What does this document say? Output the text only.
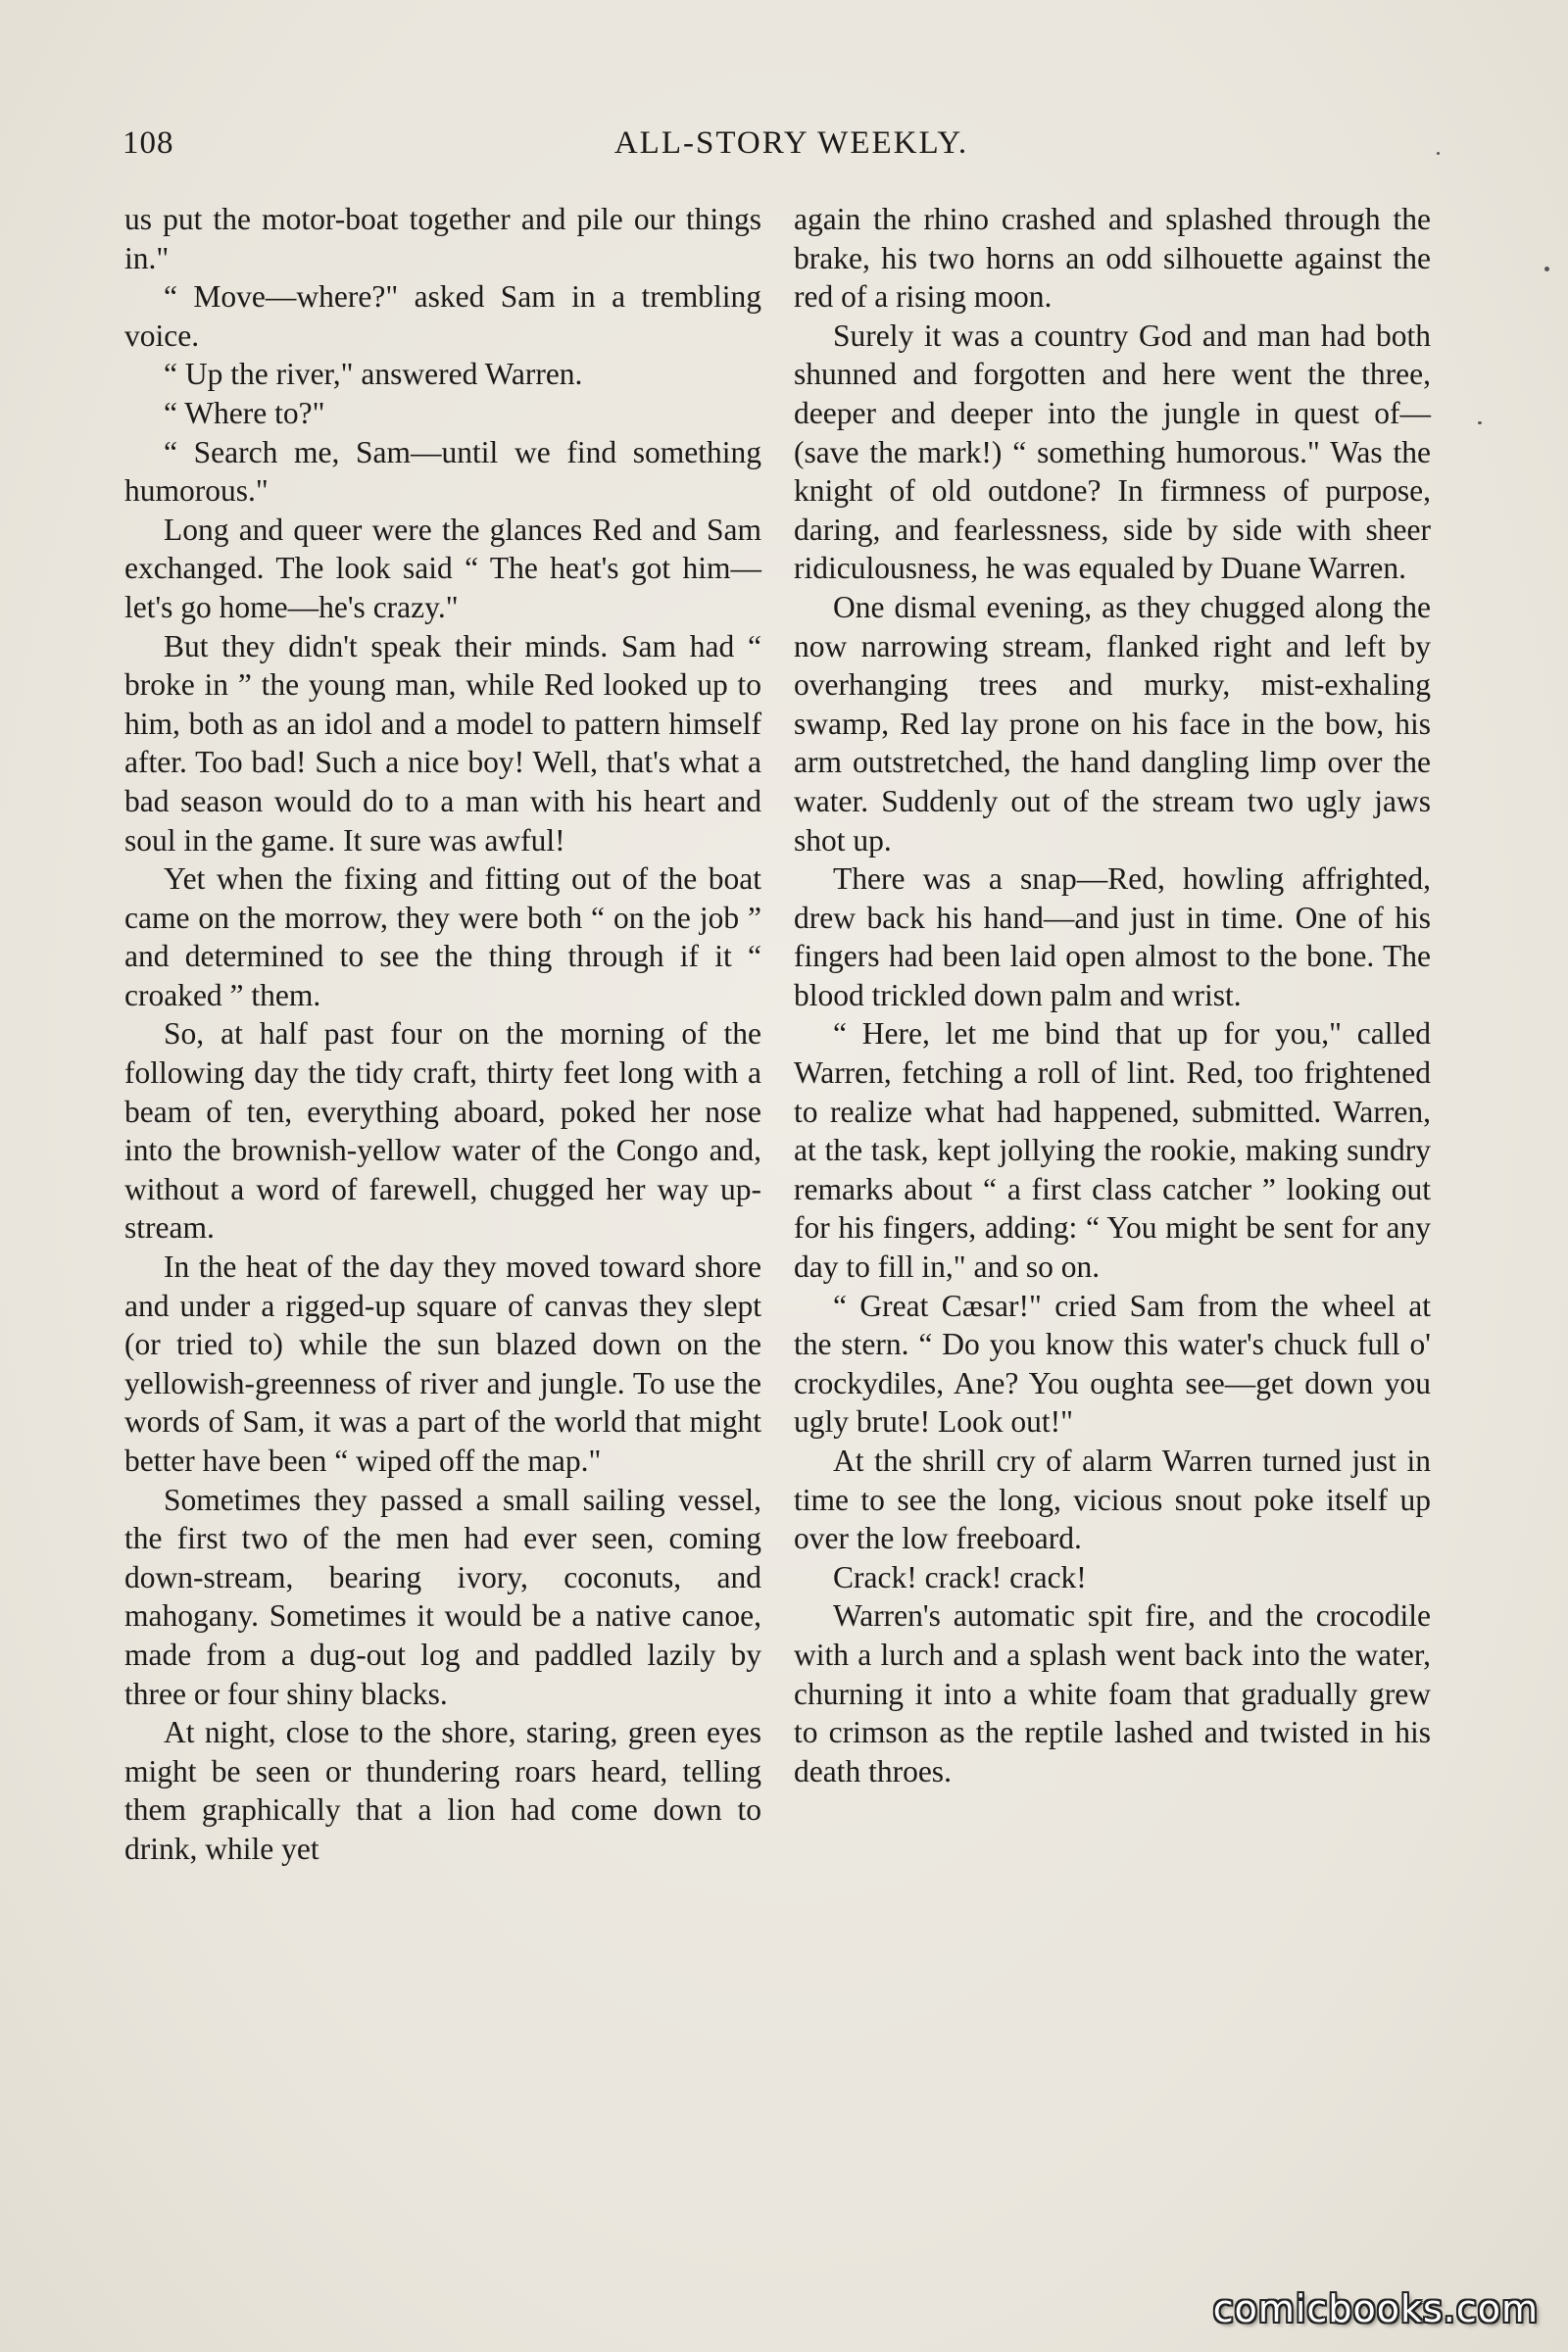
108	ALL-STORY WEEKLY.

us put the motor-boat together and pile our things in."

“ Move—where?" asked Sam in a trembling voice.

“ Up the river," answered Warren.

“ Where to?"

“ Search me, Sam—until we find something humorous."

Long and queer were the glances Red and Sam exchanged. The look said “ The heat's got him—let's go home—he's crazy."

But they didn't speak their minds. Sam had “ broke in ” the young man, while Red looked up to him, both as an idol and a model to pattern himself after. Too bad! Such a nice boy! Well, that's what a bad season would do to a man with his heart and soul in the game. It sure was awful!

Yet when the fixing and fitting out of the boat came on the morrow, they were both “ on the job ” and determined to see the thing through if it “ croaked ” them.

So, at half past four on the morning of the following day the tidy craft, thirty feet long with a beam of ten, everything aboard, poked her nose into the brownish-yellow water of the Congo and, without a word of farewell, chugged her way up-stream.

In the heat of the day they moved toward shore and under a rigged-up square of canvas they slept (or tried to) while the sun blazed down on the yellowish-greenness of river and jungle. To use the words of Sam, it was a part of the world that might better have been “ wiped off the map."

Sometimes they passed a small sailing vessel, the first two of the men had ever seen, coming down-stream, bearing ivory, coconuts, and mahogany. Sometimes it would be a native canoe, made from a dug-out log and paddled lazily by three or four shiny blacks.

At night, close to the shore, staring, green eyes might be seen or thundering roars heard, telling them graphically that a lion had come down to drink, while yet

again the rhino crashed and splashed through the brake, his two horns an odd silhouette against the red of a rising moon.

Surely it was a country God and man had both shunned and forgotten and here went the three, deeper and deeper into the jungle in quest of—(save the mark!) “ something humorous." Was the knight of old outdone? In firmness of purpose, daring, and fearlessness, side by side with sheer ridiculousness, he was equaled by Duane Warren.

One dismal evening, as they chugged along the now narrowing stream, flanked right and left by overhanging trees and murky, mist-exhaling swamp, Red lay prone on his face in the bow, his arm outstretched, the hand dangling limp over the water. Suddenly out of the stream two ugly jaws shot up.

There was a snap—Red, howling affrighted, drew back his hand—and just in time. One of his fingers had been laid open almost to the bone. The blood trickled down palm and wrist.

“ Here, let me bind that up for you," called Warren, fetching a roll of lint. Red, too frightened to realize what had happened, submitted. Warren, at the task, kept jollying the rookie, making sundry remarks about “ a first class catcher ” looking out for his fingers, adding: “ You might be sent for any day to fill in," and so on.

“ Great Cæsar!" cried Sam from the wheel at the stern. “ Do you know this water's chuck full o' crockydiles, Ane? You oughta see—get down you ugly brute! Look out!"

At the shrill cry of alarm Warren turned just in time to see the long, vicious snout poke itself up over the low freeboard.

Crack! crack! crack!

Warren's automatic spit fire, and the crocodile with a lurch and a splash went back into the water, churning it into a white foam that gradually grew to crimson as the reptile lashed and twisted in his death throes.

comicbooks.com
